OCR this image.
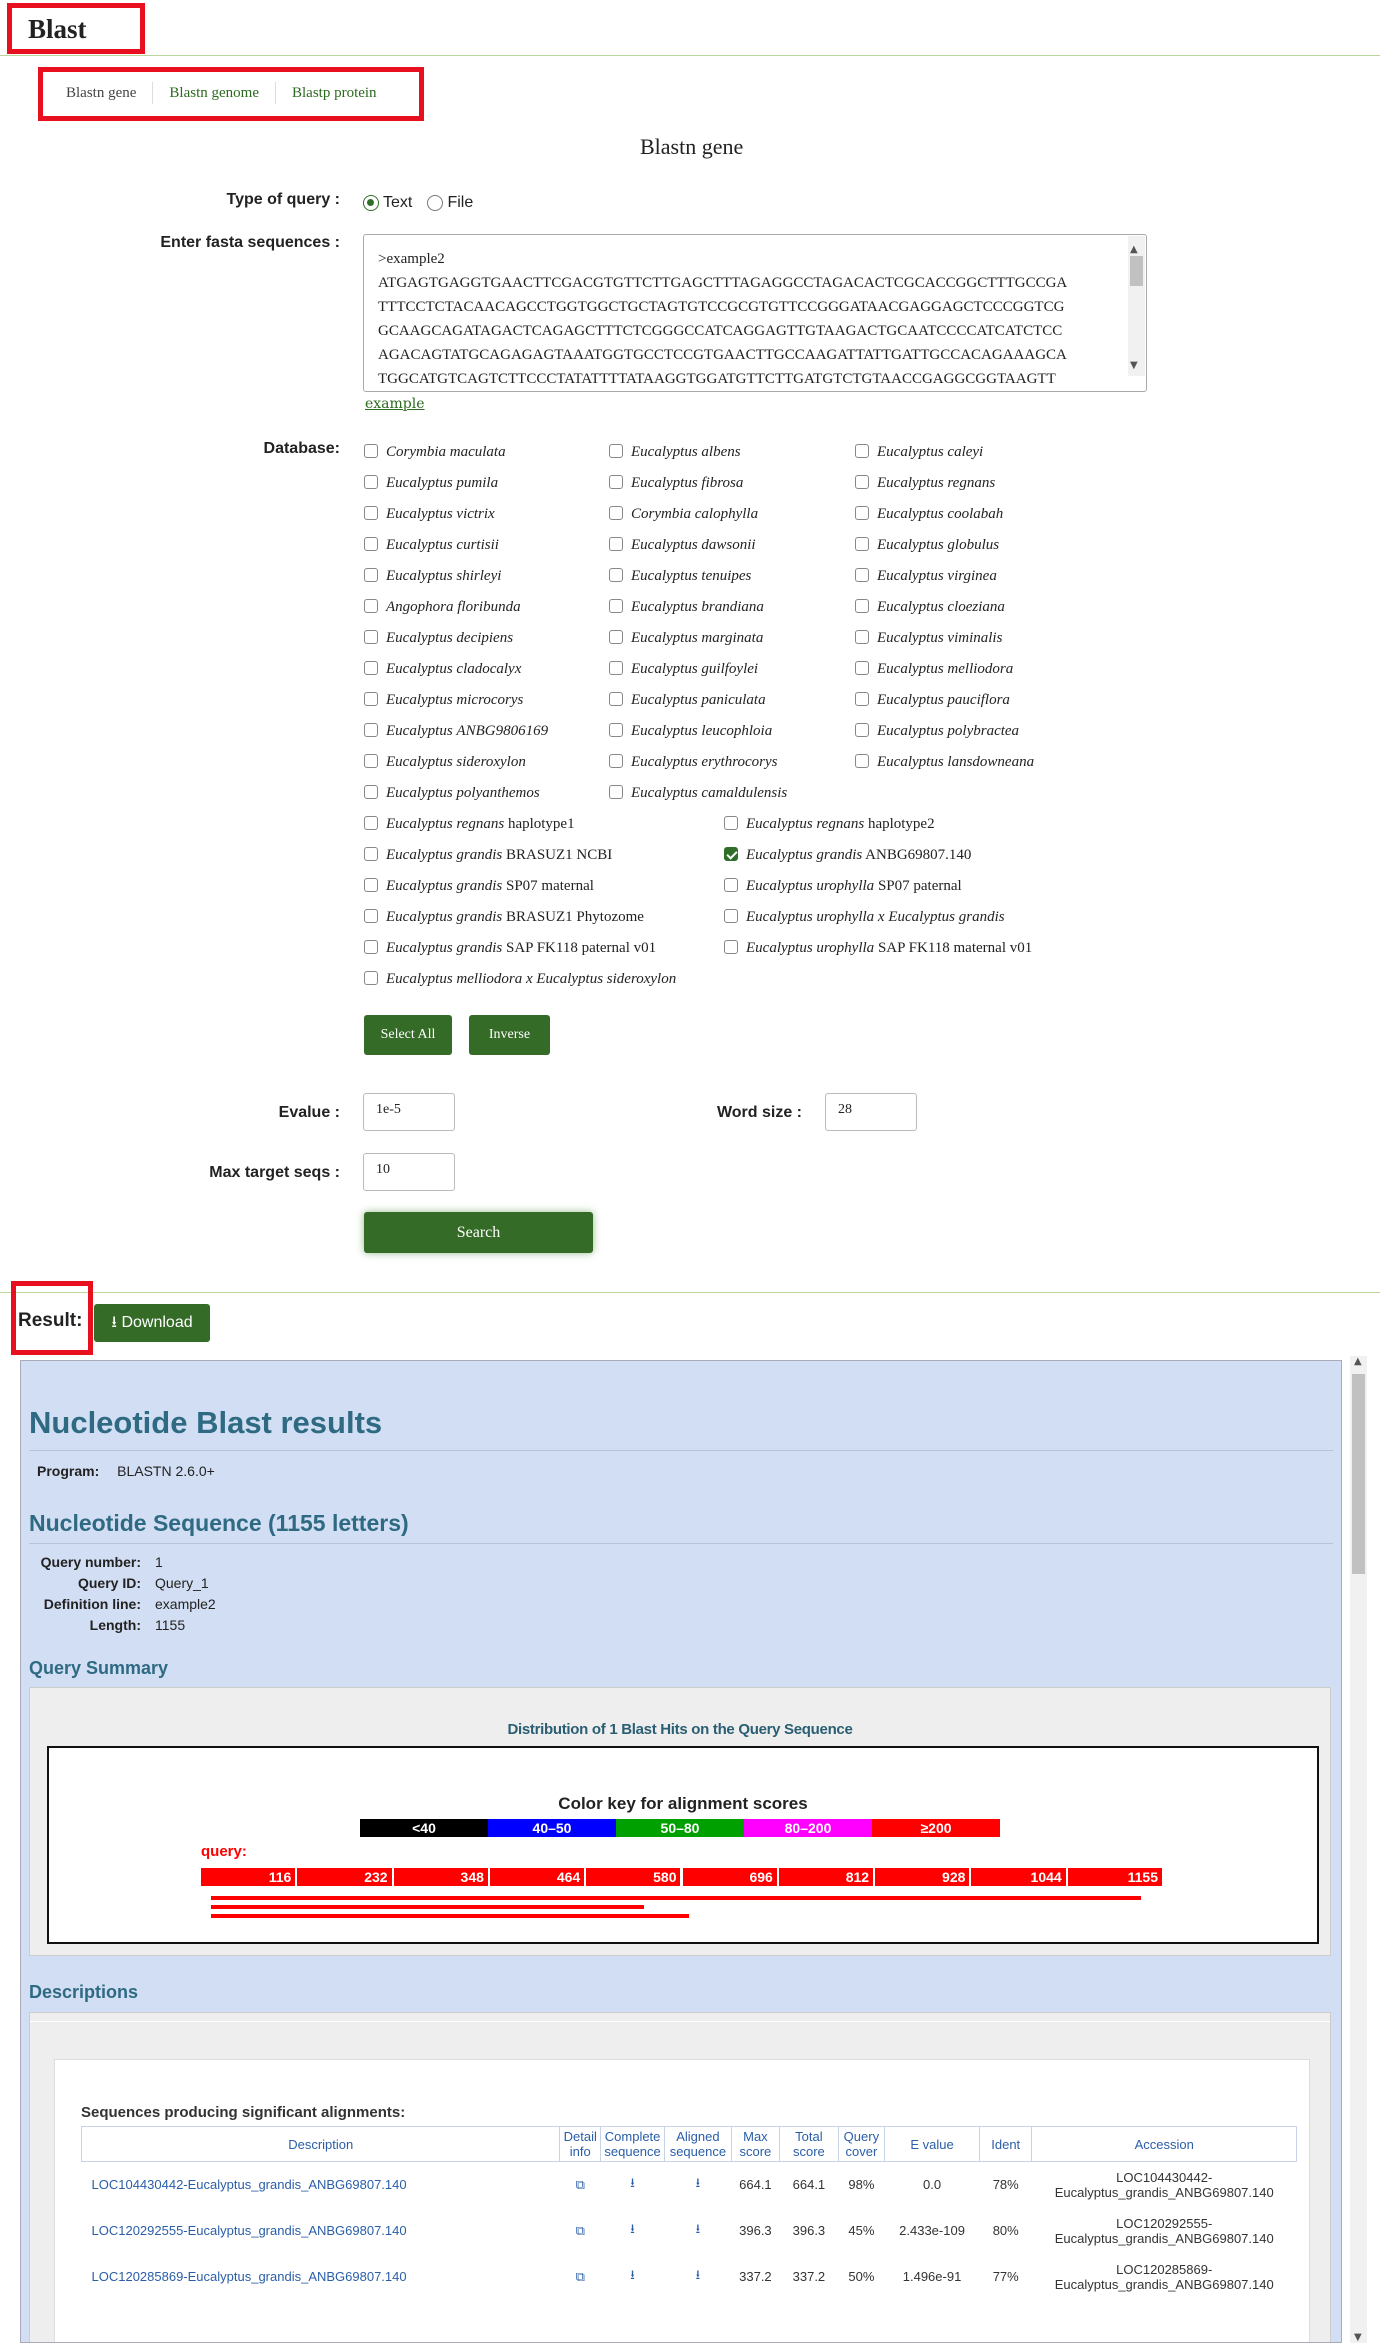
Blast
Blastn gene	Blastn genome	Blastp protein
Blastn gene
Type of query :	Text File
Enter fasta sequences :
>example2
ATGAGTGAGGTGAACTTCGACGTGTTCTTGAGCTTTAGAGGCCTAGACACTCGCACCGGCTTTGCCGA
TTTCCTCTACAACAGCCTGGTGGCTGCTAGTGTCCGCGTGTTCCGGGATAACGAGGAGCTCCCGGTCG
GCAAGCAGATAGACTCAGAGCTTTCTCGGGCCATCAGGAGTTGTAAGACTGCAATCCCCATCATCTCC
AGACAGTATGCAGAGAGTAAATGGTGCCTCCGTGAACTTGCCAAGATTATTGATTGCCACAGAAAGCA
TGGCATGTCAGTCTTCCCTATATTTTATAAGGTGGATGTTCTTGATGTCTGTAACCGAGGCGGTAAGTT

▲
▼

example
Database:	Corymbia maculata	Eucalyptus albens	Eucalyptus caleyi
Eucalyptus pumila	Eucalyptus fibrosa	Eucalyptus regnans
Eucalyptus victrix	Corymbia calophylla	Eucalyptus coolabah
Eucalyptus curtisii	Eucalyptus dawsonii	Eucalyptus globulus
Eucalyptus shirleyi	Eucalyptus tenuipes	Eucalyptus virginea
Angophora floribunda	Eucalyptus brandiana	Eucalyptus cloeziana
Eucalyptus decipiens	Eucalyptus marginata	Eucalyptus viminalis
Eucalyptus cladocalyx	Eucalyptus guilfoylei	Eucalyptus melliodora
Eucalyptus microcorys	Eucalyptus paniculata	Eucalyptus pauciflora
Eucalyptus ANBG9806169	Eucalyptus leucophloia	Eucalyptus polybractea
Eucalyptus sideroxylon	Eucalyptus erythrocorys	Eucalyptus lansdowneana
Eucalyptus polyanthemos	Eucalyptus camaldulensis
Eucalyptus regnans haplotype1	Eucalyptus regnans haplotype2
Eucalyptus grandis BRASUZ1 NCBI	Eucalyptus grandis ANBG69807.140
Eucalyptus grandis SP07 maternal	Eucalyptus urophylla SP07 paternal
Eucalyptus grandis BRASUZ1 Phytozome	Eucalyptus urophylla x Eucalyptus grandis
Eucalyptus grandis SAP FK118 paternal v01	Eucalyptus urophylla SAP FK118 maternal v01
Eucalyptus melliodora x Eucalyptus sideroxylon
Select All	Inverse
Evalue :	1e-5	Word size :	28
Max target seqs :	10
Search
Result:	⭳ Download
Nucleotide Blast results
Program: BLASTN 2.6.0+
Nucleotide Sequence (1155 letters)
Query number: 1
Query ID: Query_1
Definition line: example2
Length: 1155
Query Summary
Distribution of 1 Blast Hits on the Query Sequence
Color key for alignment scores
<40	40–50	50–80	80–200	≥200
query:
116	232	348	464	580	696	812	928	1044	1155
Descriptions
Sequences producing significant alignments:
Description	Detail info	Complete sequence	Aligned sequence	Max score	Total score	Query cover	E value	Ident	Accession
LOC104430442-Eucalyptus_grandis_ANBG69807.140	⧉	⭳	⭳	664.1	664.1	98%	0.0	78%	LOC104430442-
Eucalyptus_grandis_ANBG69807.140

LOC120292555-Eucalyptus_grandis_ANBG69807.140	⧉	⭳	⭳	396.3	396.3	45%	2.433e-109	80%	LOC120292555-
Eucalyptus_grandis_ANBG69807.140

LOC120285869-Eucalyptus_grandis_ANBG69807.140	⧉	⭳	⭳	337.2	337.2	50%	1.496e-91	77%	LOC120285869-
Eucalyptus_grandis_ANBG69807.140
▲
▼
